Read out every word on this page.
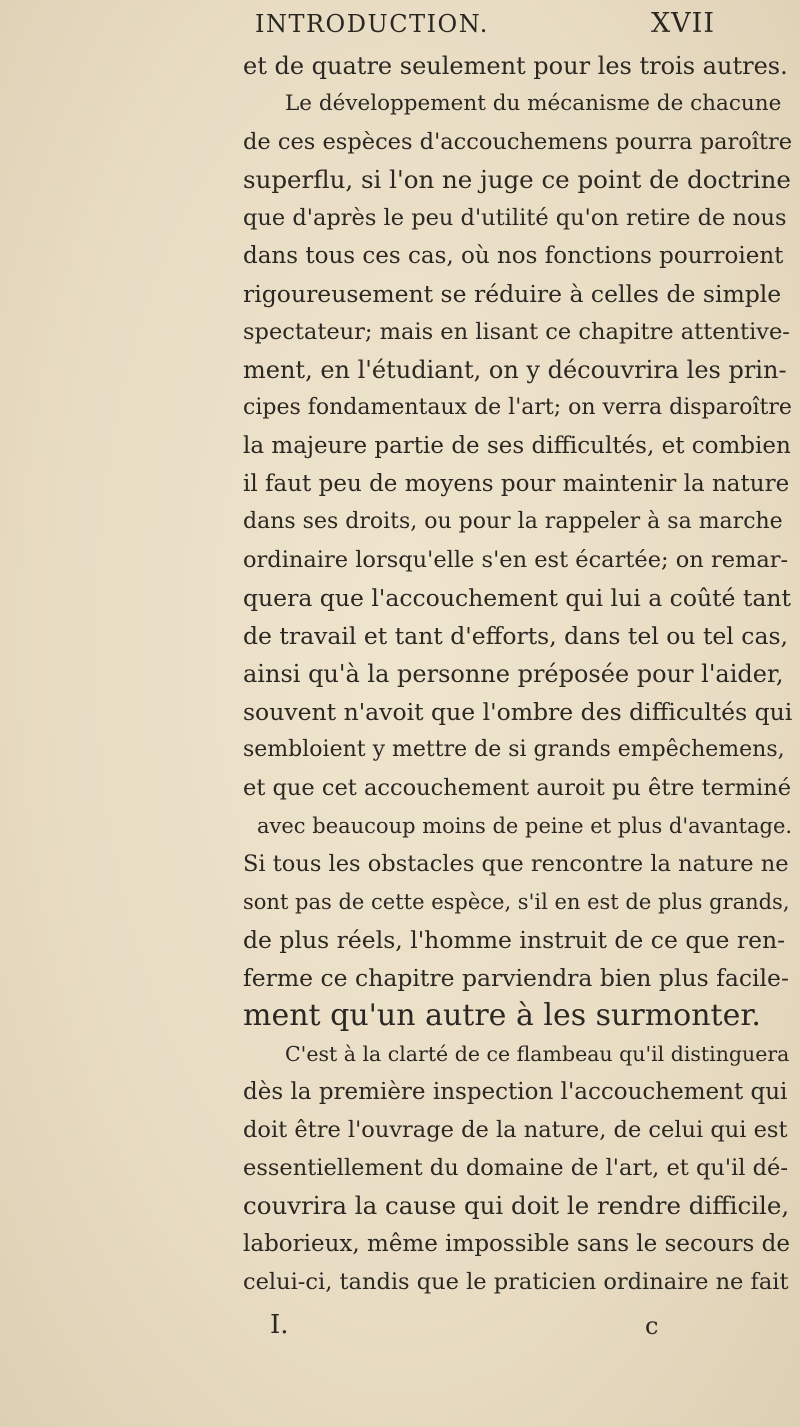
INTRODUCTION.	XVII

et de quatre seulement pour les trois autres.

Le développement du mécanisme de chacune

de ces espèces d'accouchemens pourra paroître

superflu, si l'on ne juge ce point de doctrine

que d'après le peu d'utilité qu'on retire de nous

dans tous ces cas, où nos fonctions pourroient

rigoureusement se réduire à celles de simple

spectateur; mais en lisant ce chapitre attentive-

ment, en l'étudiant, on y découvrira les prin-

cipes fondamentaux de l'art; on verra disparoître

la majeure partie de ses difficultés, et combien

il faut peu de moyens pour maintenir la nature

dans ses droits, ou pour la rappeler à sa marche

ordinaire lorsqu'elle s'en est écartée; on remar-

quera que l'accouchement qui lui a coûté tant

de travail et tant d'efforts, dans tel ou tel cas,

ainsi qu'à la personne préposée pour l'aider,

souvent n'avoit que l'ombre des difficultés qui

sembloient y mettre de si grands empêchemens,

et que cet accouchement auroit pu être terminé

avec beaucoup moins de peine et plus d'avantage.

Si tous les obstacles que rencontre la nature ne

sont pas de cette espèce, s'il en est de plus grands,

de plus réels, l'homme instruit de ce que ren-

ferme ce chapitre parviendra bien plus facile-

ment qu'un autre à les surmonter.

C'est à la clarté de ce flambeau qu'il distinguera

dès la première inspection l'accouchement qui

doit être l'ouvrage de la nature, de celui qui est

essentiellement du domaine de l'art, et qu'il dé-

couvrira la cause qui doit le rendre difficile,

laborieux, même impossible sans le secours de

celui-ci, tandis que le praticien ordinaire ne fait

I.	c
